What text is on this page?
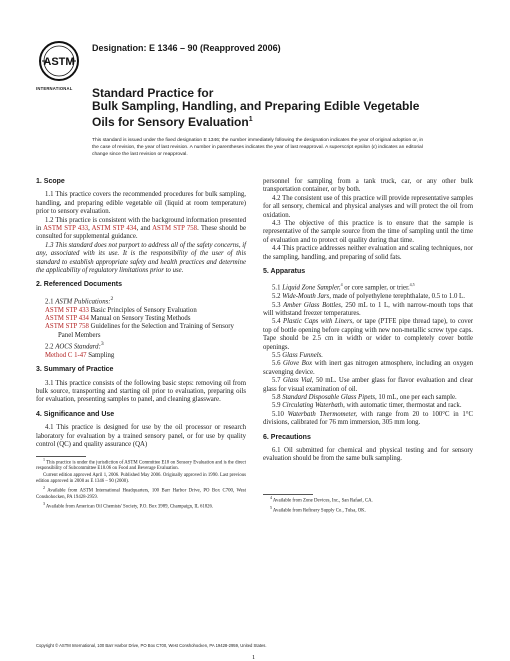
ASTM
INTERNATIONAL
Designation: E 1346 – 90 (Reapproved 2006)
Standard Practice for
Bulk Sampling, Handling, and Preparing Edible Vegetable Oils for Sensory Evaluation$^1$
This standard is issued under the fixed designation E 1346; the number immediately following the designation indicates the year of original adoption or, in the case of revision, the year of last revision. A number in parentheses indicates the year of last reapproval. A superscript epsilon (ε) indicates an editorial change since the last revision or reapproval.
1. Scope

1.1 This practice covers the recommended procedures for bulk sampling, handling, and preparing edible vegetable oil (liquid at room temperature) prior to sensory evaluation.

1.2 This practice is consistent with the background information presented in ASTM STP 433, ASTM STP 434, and ASTM STP 758. These should be consulted for supplemental guidance.

1.3 This standard does not purport to address all of the safety concerns, if any, associated with its use. It is the responsibility of the user of this standard to establish appropriate safety and health practices and determine the applicability of regulatory limitations prior to use.

2. Referenced Documents
2.1 ASTM Publications:$^2$
ASTM STP 433 Basic Principles of Sensory Evaluation
ASTM STP 434 Manual on Sensory Testing Methods
ASTM STP 758 Guidelines for the Selection and Training of Sensory Panel Members
2.2 AOCS Standard:$^3$
Method C 1-47 Sampling
3. Summary of Practice

3.1 This practice consists of the following basic steps: removing oil from bulk source, transporting and starting oil prior to evaluation, preparing oils for evaluation, presenting samples to panel, and cleaning glassware.

4. Significance and Use

4.1 This practice is designed for use by the oil processor or research laboratory for evaluation by a trained sensory panel, or for use by quality control (QC) and quality assurance (QA)

$^1$ This practice is under the jurisdiction of ASTM Committee E18 on Sensory Evaluation and is the direct responsibility of Subcommittee E18.06 on Food and Beverage Evaluation.

Current edition approved April 1, 2006. Published May 2006. Originally approved in 1990. Last previous edition approved in 2000 as E 1346 – 90 (2000).

$^2$ Available from ASTM International Headquarters, 100 Barr Harbor Drive, PO Box C700, West Conshohocken, PA 19428-2959.

$^3$ Available from American Oil Chemists' Society, P.O. Box 3989, Champaign, IL 61826.

personnel for sampling from a tank truck, car, or any other bulk transportation container, or by both.

4.2 The consistent use of this practice will provide representative samples for all sensory, chemical and physical analyses and will protect the oil from oxidation.

4.3 The objective of this practice is to ensure that the sample is representative of the sample source from the time of sampling until the time of evaluation and to protect oil quality during that time.

4.4 This practice addresses neither evaluation and scaling techniques, nor the sampling, handling, and preparing of solid fats.

5. Apparatus

5.1 Liquid Zone Sampler,$^4$ or core sampler, or trier.$^{4,5}$

5.2 Wide-Mouth Jars, made of polyethylene terephthalate, 0.5 to 1.0 L.

5.3 Amber Glass Bottles, 250 mL to 1 L, with narrow-mouth tops that will withstand freezer temperatures.

5.4 Plastic Caps with Liners, or tape (PTFE pipe thread tape), to cover top of bottle opening before capping with new non-metallic screw type caps. Tape should be 2.5 cm in width or wider to completely cover bottle openings.

5.5 Glass Funnels.

5.6 Glove Box with inert gas nitrogen atmosphere, including an oxygen scavenging device.

5.7 Glass Vial, 50 mL. Use amber glass for flavor evaluation and clear glass for visual examination of oil.

5.8 Standard Disposable Glass Pipets, 10 mL, one per each sample.

5.9 Circulating Waterbath, with automatic timer, thermostat and rack.

5.10 Waterbath Thermometer, with range from 20 to 100°C in 1°C divisions, calibrated for 76 mm immersion, 305 mm long.

6. Precautions

6.1 Oil submitted for chemical and physical testing and for sensory evaluation should be from the same bulk sampling.

$^4$ Available from Zone Devices, Inc., San Rafael, CA.

$^5$ Available from Refinery Supply Co., Tulsa, OK.

Copyright © ASTM International, 100 Barr Harbor Drive, PO Box C700, West Conshohocken, PA 19428-2959, United States.
1
